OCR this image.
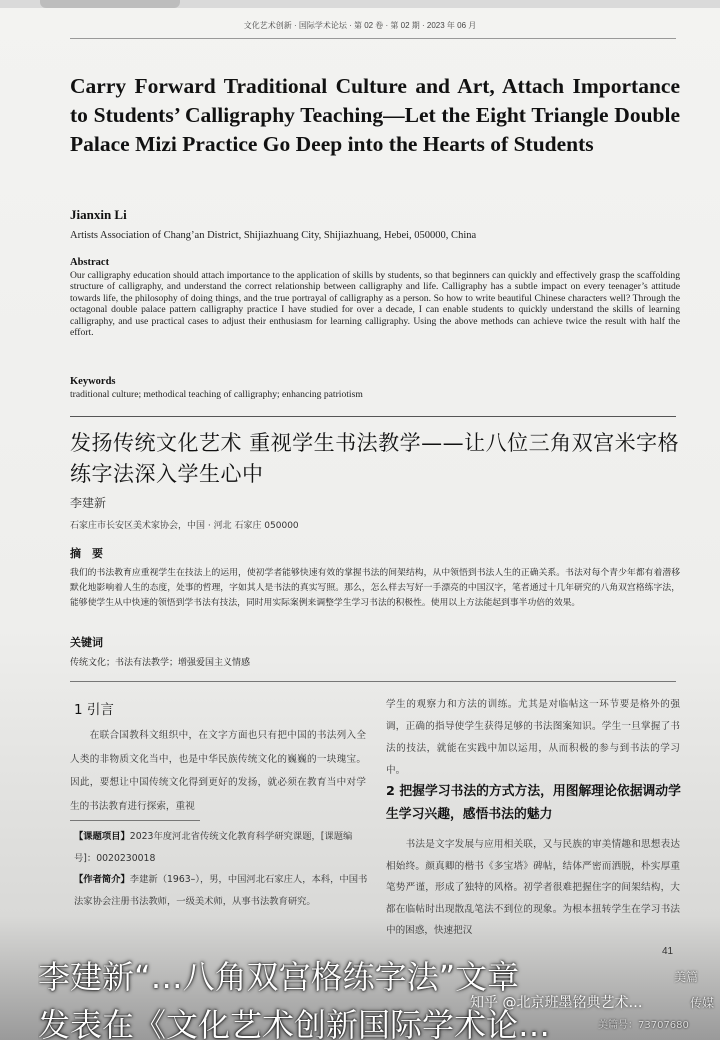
文化艺术创新 · 国际学术论坛 · 第 02 卷 · 第 02 期 · 2023 年 06 月
Carry Forward Traditional Culture and Art, Attach Importance to Students’ Calligraphy Teaching—Let the Eight Triangle Double Palace Mizi Practice Go Deep into the Hearts of Students
Jianxin Li
Artists Association of Chang’an District, Shijiazhuang City, Shijiazhuang, Hebei, 050000, China
Abstract
Our calligraphy education should attach importance to the application of skills by students, so that beginners can quickly and effectively grasp the scaffolding structure of calligraphy, and understand the correct relationship between calligraphy and life. Calligraphy has a subtle impact on every teenager’s attitude towards life, the philosophy of doing things, and the true portrayal of calligraphy as a person. So how to write beautiful Chinese characters well? Through the octagonal double palace pattern calligraphy practice I have studied for over a decade, I can enable students to quickly understand the skills of learning calligraphy, and use practical cases to adjust their enthusiasm for learning calligraphy. Using the above methods can achieve twice the result with half the effort.
Keywords
traditional culture; methodical teaching of calligraphy; enhancing patriotism
发扬传统文化艺术 重视学生书法教学——让八位三角双宫米字格练字法深入学生心中
李建新
石家庄市长安区美术家协会，中国 · 河北 石家庄 050000
摘　要
我们的书法教育应重视学生在技法上的运用，使初学者能够快速有效的掌握书法的间架结构，从中领悟到书法人生的正确关系。书法对每个青少年都有着潜移默化地影响着人生的态度，处事的哲理，字如其人是书法的真实写照。那么，怎么样去写好一手漂亮的中国汉字，笔者通过十几年研究的八角双宫格练字法，能够使学生从中快速的领悟到学书法有技法，同时用实际案例来调整学生学习书法的积极性。使用以上方法能起到事半功倍的效果。
关键词
传统文化；书法有法教学；增强爱国主义情感
1 引言
　　在联合国教科文组织中，在文字方面也只有把中国的书法列入全人类的非物质文化当中，也是中华民族传统文化的巍巍的一块瑰宝。因此，要想让中国传统文化得到更好的发扬，就必须在教育当中对学生的书法教育进行探索，重视
【课题项目】2023年度河北省传统文化教育科学研究课题，[课题编号]：0020230018
【作者简介】李建新（1963–），男，中国河北石家庄人，本科，中国书法家协会注册书法教师，一级美术师，从事书法教育研究。
学生的观察力和方法的训练。尤其是对临帖这一环节要是格外的强调，正确的指导使学生获得足够的书法图案知识。学生一旦掌握了书法的技法，就能在实践中加以运用，从而积极的参与到书法的学习中。
2 把握学习书法的方式方法，用图解理论依据调动学生学习兴趣，感悟书法的魅力
　　书法是文字发展与应用相关联，又与民族的审美情趣和思想表达相始终。颜真卿的楷书《多宝塔》碑帖，结体严密而洒脱，朴实厚重笔势严谨，形成了独特的风格。初学者很难把握住字的间架结构，大都在临帖时出现散乱笔法不到位的现象。为根本扭转学生在学习书法中的困惑，快速把汉
41
美篇
传媒
知乎 @北京班墨铭典艺术…
美篇号：73707680
李建新“…八角双宫格练字法”文章
发表在《文化艺术创新国际学术论…
